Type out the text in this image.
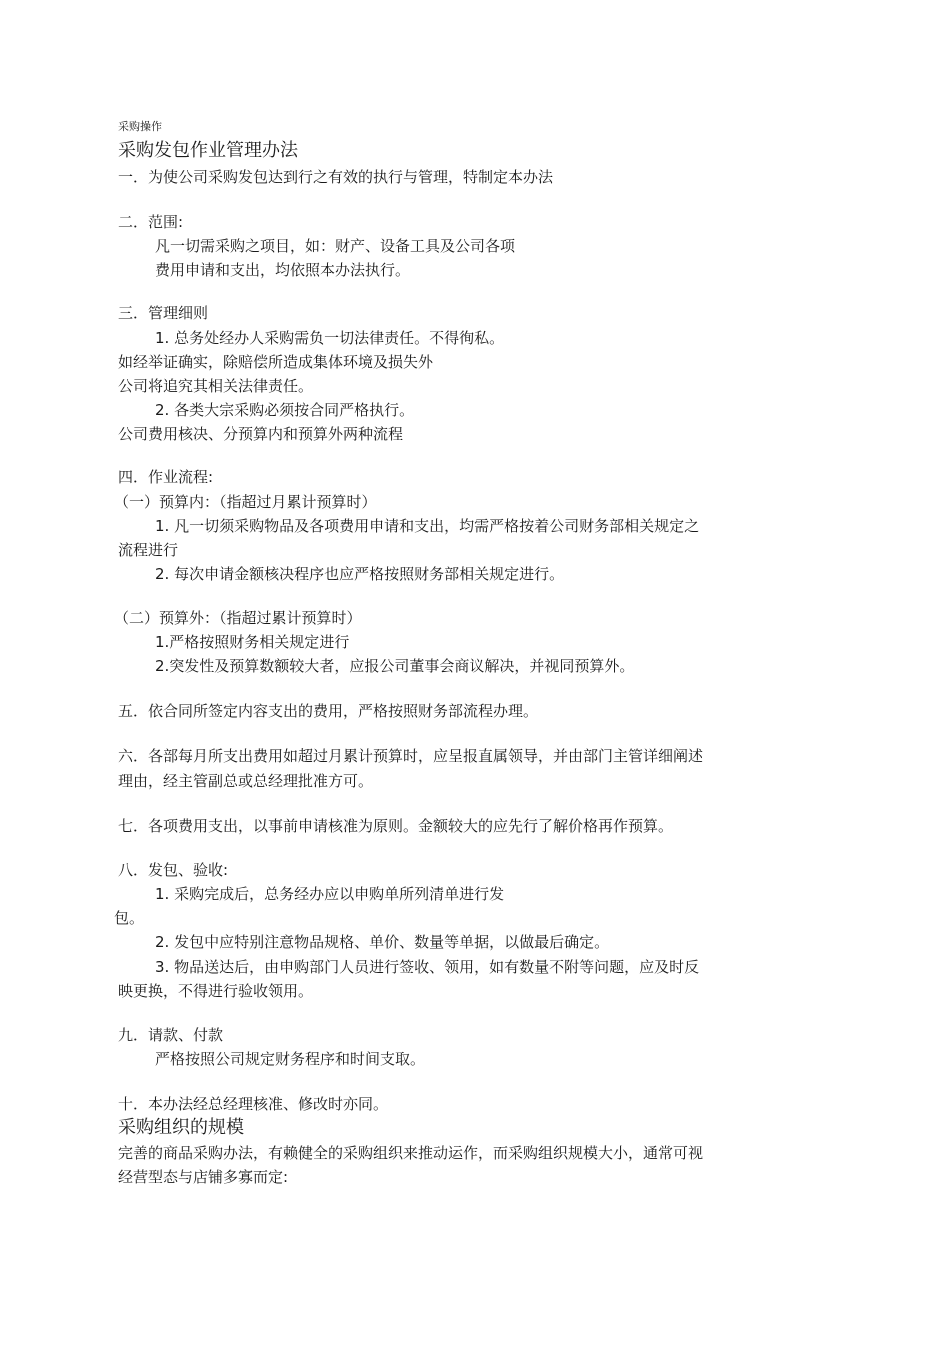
采购操作
采购发包作业管理办法
一．为使公司采购发包达到行之有效的执行与管理，特制定本办法
二．范围:
凡一切需采购之项目，如：财产、设备工具及公司各项
费用申请和支出，均依照本办法执行。
三．管理细则
1. 总务处经办人采购需负一切法律责任。不得徇私。
如经举证确实，除赔偿所造成集体环境及损失外
公司将追究其相关法律责任。
2. 各类大宗采购必须按合同严格执行。
公司费用核决、分预算内和预算外两种流程
四．作业流程:
（一）预算内：（指超过月累计预算时）
1. 凡一切须采购物品及各项费用申请和支出，均需严格按着公司财务部相关规定之
流程进行
2. 每次申请金额核决程序也应严格按照财务部相关规定进行。
（二）预算外：（指超过累计预算时）
1.严格按照财务相关规定进行
2.突发性及预算数额较大者，应报公司董事会商议解决，并视同预算外。
五．依合同所签定内容支出的费用，严格按照财务部流程办理。
六．各部每月所支出费用如超过月累计预算时，应呈报直属领导，并由部门主管详细阐述
理由，经主管副总或总经理批准方可。
七．各项费用支出，以事前申请核准为原则。金额较大的应先行了解价格再作预算。
八．发包、验收:
1. 采购完成后，总务经办应以申购单所列清单进行发
包。
2. 发包中应特别注意物品规格、单价、数量等单据，以做最后确定。
3. 物品送达后，由申购部门人员进行签收、领用，如有数量不附等问题，应及时反
映更换，不得进行验收领用。
九．请款、付款
严格按照公司规定财务程序和时间支取。
十．本办法经总经理核准、修改时亦同。
采购组织的规模
完善的商品采购办法，有赖健全的采购组织来推动运作，而采购组织规模大小，通常可视
经营型态与店铺多寡而定:
